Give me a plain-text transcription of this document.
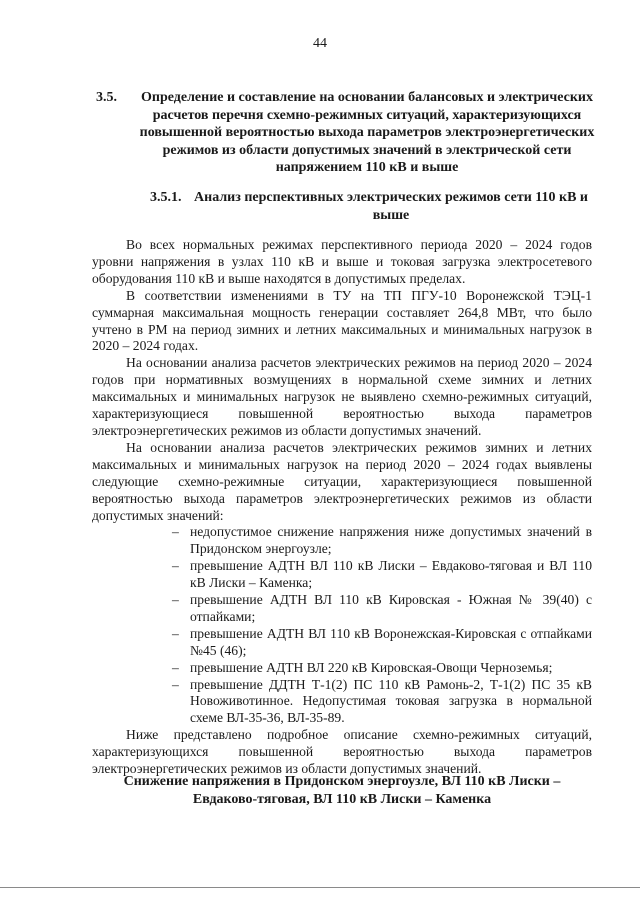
44
3.5. Определение и составление на основании балансовых и электрических расчетов перечня схемно-режимных ситуаций, характеризующихся повышенной вероятностью выхода параметров электроэнергетических режимов из области допустимых значений в электрической сети напряжением 110 кВ и выше
3.5.1. Анализ перспективных электрических режимов сети 110 кВ и выше

Во всех нормальных режимах перспективного периода 2020 – 2024 годов уровни напряжения в узлах 110 кВ и выше и токовая загрузка электросетевого оборудования 110 кВ и выше находятся в допустимых пределах.

В соответствии изменениями в ТУ на ТП ПГУ-10 Воронежской ТЭЦ-1 суммарная максимальная мощность генерации составляет 264,8 МВт, что было учтено в РМ на период зимних и летних максимальных и минимальных нагрузок в 2020 – 2024 годах.

На основании анализа расчетов электрических режимов на период 2020 – 2024 годов при нормативных возмущениях в нормальной схеме зимних и летних максимальных и минимальных нагрузок не выявлено схемно-режимных ситуаций, характеризующиеся повышенной вероятностью выхода параметров электроэнергетических режимов из области допустимых значений.

На основании анализа расчетов электрических режимов зимних и летних максимальных и минимальных нагрузок на период 2020 – 2024 годах выявлены следующие схемно-режимные ситуации, характеризующиеся повышенной вероятностью выхода параметров электроэнергетических режимов из области допустимых значений:

– недопустимое снижение напряжения ниже допустимых значений в Придонском энергоузле;
– превышение АДТН ВЛ 110 кВ Лиски – Евдаково-тяговая и ВЛ 110 кВ Лиски – Каменка;
– превышение АДТН ВЛ 110 кВ Кировская - Южная № 39(40) с отпайками;
– превышение АДТН ВЛ 110 кВ Воронежская-Кировская с отпайками №45 (46);
– превышение АДТН ВЛ 220 кВ Кировская-Овощи Черноземья;
– превышение ДДТН Т-1(2) ПС 110 кВ Рамонь-2, Т-1(2) ПС 35 кВ Новоживотинное. Недопустимая токовая загрузка в нормальной схеме ВЛ-35-36, ВЛ-35-89.

Ниже представлено подробное описание схемно-режимных ситуаций, характеризующихся повышенной вероятностью выхода параметров электроэнергетических режимов из области допустимых значений.

Снижение напряжения в Придонском энергоузле, ВЛ 110 кВ Лиски – Евдаково-тяговая, ВЛ 110 кВ Лиски – Каменка
